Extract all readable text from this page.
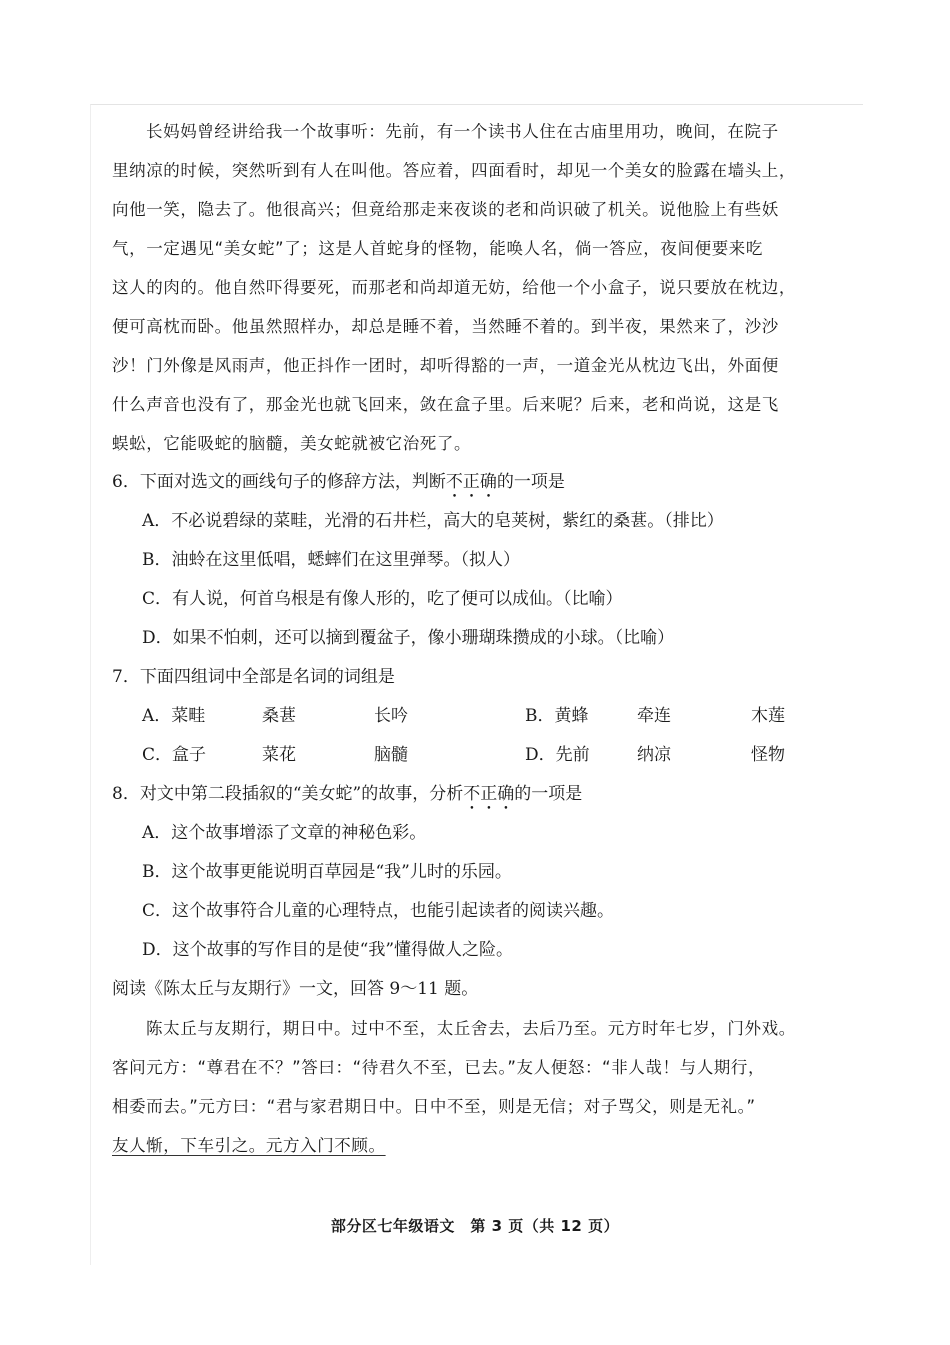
长妈妈曾经讲给我一个故事听：先前，有一个读书人住在古庙里用功，晚间，在院子
里纳凉的时候，突然听到有人在叫他。答应着，四面看时，却见一个美女的脸露在墙头上，
向他一笑，隐去了。他很高兴；但竟给那走来夜谈的老和尚识破了机关。说他脸上有些妖
气，一定遇见“美女蛇”了；这是人首蛇身的怪物，能唤人名，倘一答应，夜间便要来吃
这人的肉的。他自然吓得要死，而那老和尚却道无妨，给他一个小盒子，说只要放在枕边，
便可高枕而卧。他虽然照样办，却总是睡不着，当然睡不着的。到半夜，果然来了，沙沙
沙！门外像是风雨声，他正抖作一团时，却听得豁的一声，一道金光从枕边飞出，外面便
什么声音也没有了，那金光也就飞回来，敛在盒子里。后来呢？后来，老和尚说，这是飞
蜈蚣，它能吸蛇的脑髓，美女蛇就被它治死了。
6．下面对选文的画线句子的修辞方法，判断不正确的一项是
A．不必说碧绿的菜畦，光滑的石井栏，高大的皂荚树，紫红的桑葚。（排比）
B．油蛉在这里低唱，蟋蟀们在这里弹琴。（拟人）
C．有人说，何首乌根是有像人形的，吃了便可以成仙。（比喻）
D．如果不怕刺，还可以摘到覆盆子，像小珊瑚珠攒成的小球。（比喻）
7．下面四组词中全部是名词的词组是
A．菜畦	桑葚	长吟	B．黄蜂	牵连	木莲
C．盒子	菜花	脑髓	D．先前	纳凉	怪物
8．对文中第二段插叙的“美女蛇”的故事，分析不正确的一项是
A．这个故事增添了文章的神秘色彩。
B．这个故事更能说明百草园是“我”儿时的乐园。
C．这个故事符合儿童的心理特点，也能引起读者的阅读兴趣。
D．这个故事的写作目的是使“我”懂得做人之险。
阅读《陈太丘与友期行》一文，回答 9～11 题。
陈太丘与友期行，期日中。过中不至，太丘舍去，去后乃至。元方时年七岁，门外戏。
客问元方：“尊君在不？”答曰：“待君久不至，已去。”友人便怒：“非人哉！与人期行，
相委而去。”元方曰：“君与家君期日中。日中不至，则是无信；对子骂父，则是无礼。”
友人惭，下车引之。元方入门不顾。
部分区七年级语文　第 3 页（共 12 页）
